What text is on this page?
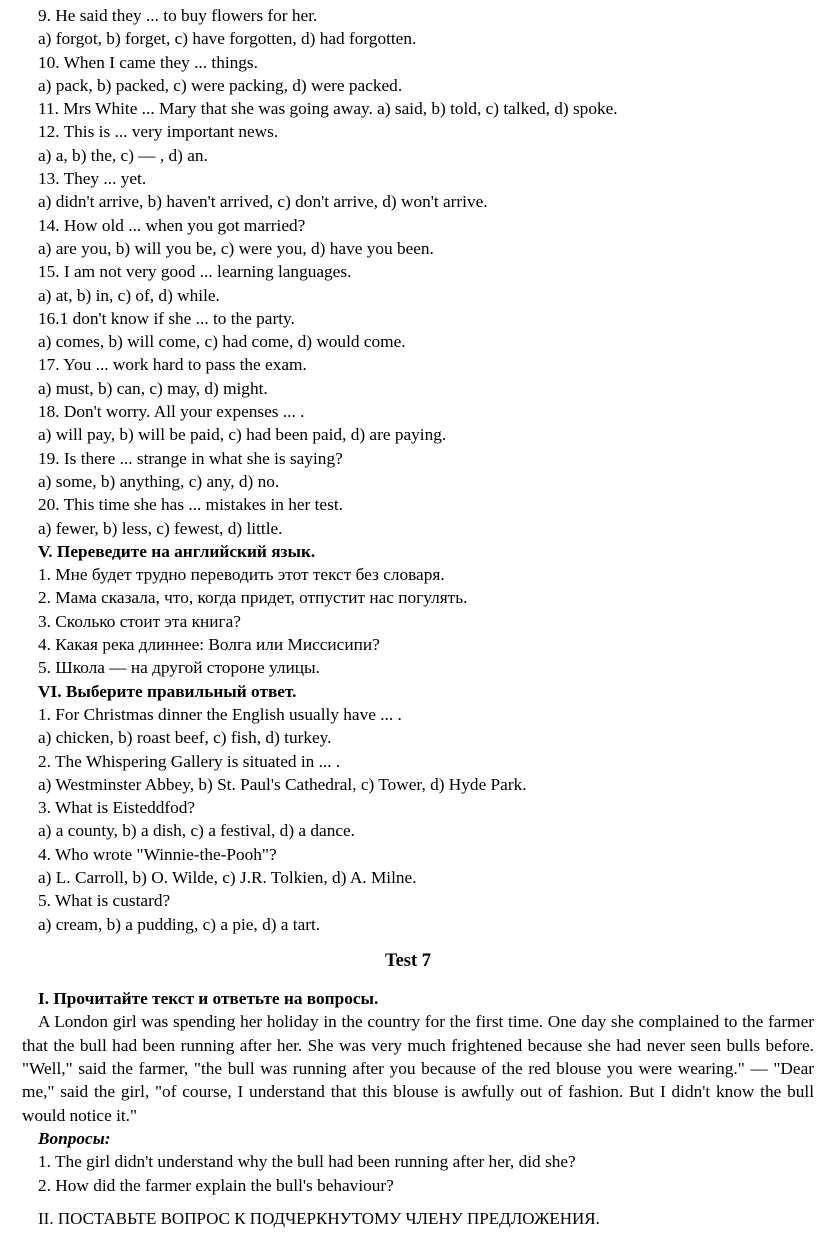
9. He said they ... to buy flowers for her.
a) forgot, b) forget, c) have forgotten, d) had forgotten.
10. When I came they ... things.
a) pack, b) packed, c) were packing, d) were packed.
11. Mrs White ... Mary that she was going away. a) said, b) told, c) talked, d) spoke.
12. This is ... very important news.
a) a, b) the, c) — , d) an.
13. They ... yet.
a) didn't arrive, b) haven't arrived, c) don't arrive, d) won't arrive.
14. How old ... when you got married?
a) are you, b) will you be, c) were you, d) have you been.
15. I am not very good ... learning languages.
a) at, b) in, c) of, d) while.
16.1 don't know if she ... to the party.
a) comes, b) will come, c) had come, d) would come.
17. You ... work hard to pass the exam.
a) must, b) can, c) may, d) might.
18. Don't worry. All your expenses ... .
a) will pay, b) will be paid, c) had been paid, d) are paying.
19. Is there ... strange in what she is saying?
a) some, b) anything, c) any, d) no.
20. This time she has ... mistakes in her test.
a) fewer, b) less, c) fewest, d) little.
V. Переведите на английский язык.
1. Мне будет трудно переводить этот текст без словаря.
2. Мама сказала, что, когда придет, отпустит нас погулять.
3. Сколько стоит эта книга?
4. Какая река длиннее: Волга или Миссисипи?
5. Школа — на другой стороне улицы.
VI. Выберите правильный ответ.
1. For Christmas dinner the English usually have ... .
a) chicken, b) roast beef, c) fish, d) turkey.
2. The Whispering Gallery is situated in ... .
a) Westminster Abbey, b) St. Paul's Cathedral, c) Tower, d) Hyde Park.
3. What is Eisteddfod?
a) a county, b) a dish, c) a festival, d) a dance.
4. Who wrote "Winnie-the-Pooh"?
a) L. Carroll, b) O. Wilde, c) J.R. Tolkien, d) A. Milne.
5. What is custard?
a) cream, b) a pudding, c) a pie, d) a tart.
Test 7
I. Прочитайте текст и ответьте на вопросы.
A London girl was spending her holiday in the country for the first time. One day she complained to the farmer that the bull had been running after her. She was very much frightened because she had never seen bulls before. "Well," said the farmer, "the bull was running after you because of the red blouse you were wearing." — "Dear me," said the girl, "of course, I understand that this blouse is awfully out of fashion. But I didn't know the bull would notice it."
Вопросы:
1. The girl didn't understand why the bull had been running after her, did she?
2. How did the farmer explain the bull's behaviour?
II. ПОСТАВЬТЕ ВОПРОС К ПОДЧЕРКНУТОМУ ЧЛЕНУ ПРЕДЛОЖЕНИЯ.
